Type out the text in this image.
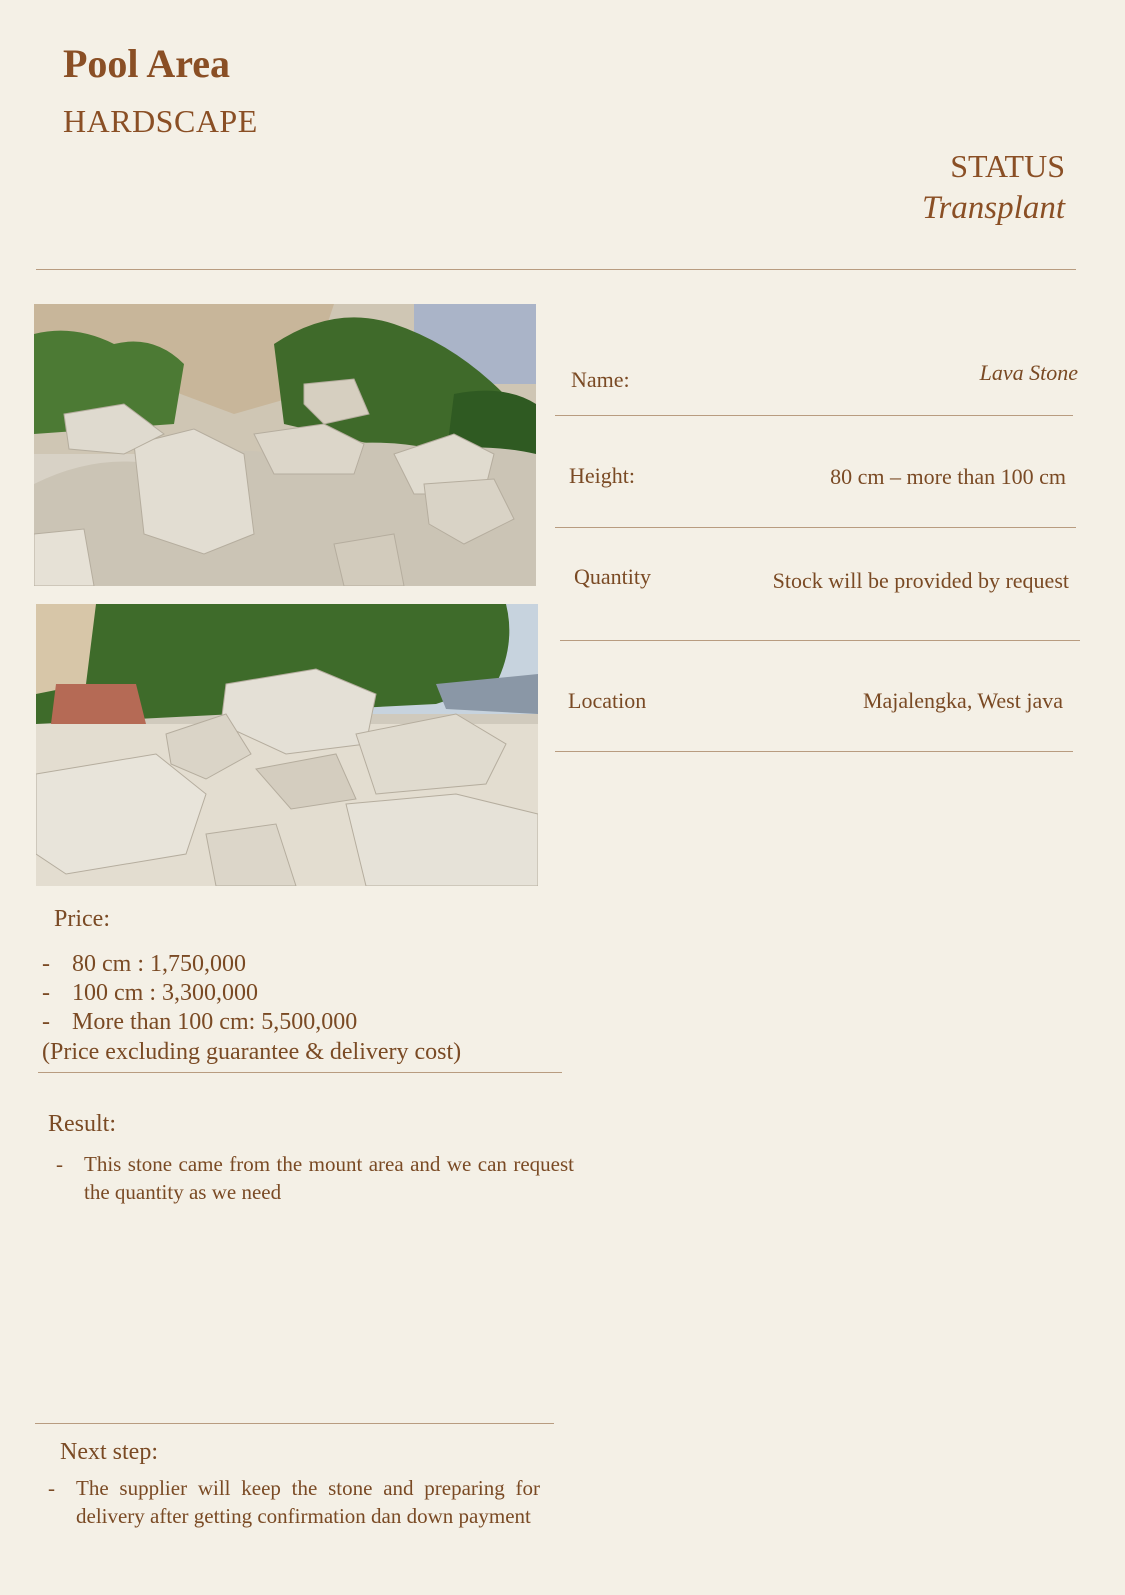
Pool Area
HARDSCAPE
STATUS
Transplant
Name:	Lava Stone
Height:	80 cm – more than 100 cm
Quantity	Stock will be provided by request
Location	Majalengka, West java
Price:
- 80 cm : 1,750,000
- 100 cm : 3,300,000
- More than 100 cm: 5,500,000
(Price excluding guarantee & delivery cost)
Result:
-	This stone came from the mount area and we can request the quantity as we need
Next step:
-	The supplier will keep the stone and preparing for delivery after getting confirmation dan down payment
